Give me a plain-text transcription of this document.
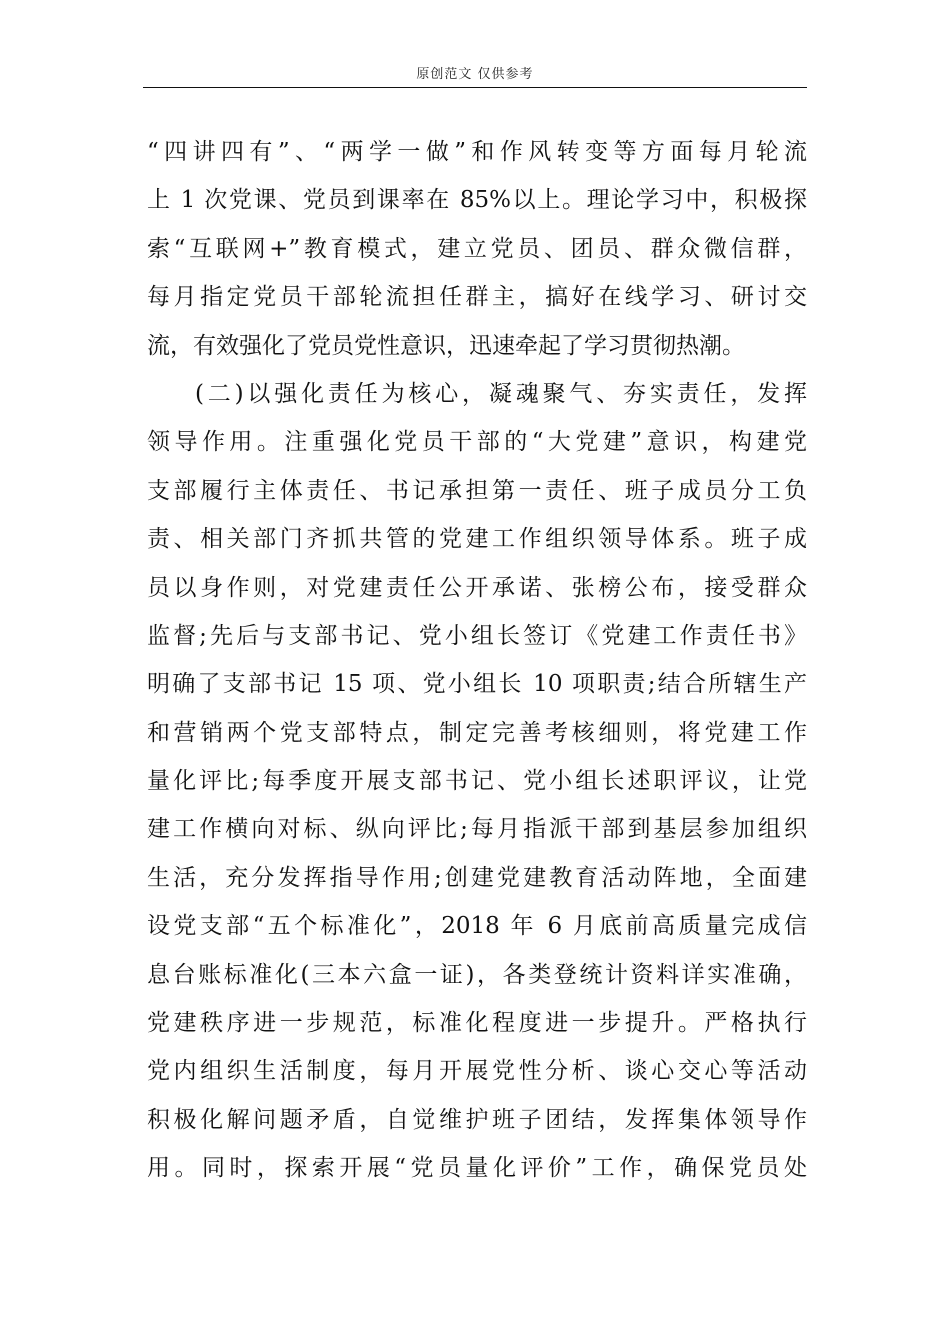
原创范文 仅供参考
“四讲四有”、“两学一做”和作风转变等方面每月轮流
上 1 次党课、党员到课率在 85%以上。理论学习中，积极探
索“互联网+”教育模式，建立党员、团员、群众微信群，
每月指定党员干部轮流担任群主，搞好在线学习、研讨交
流，有效强化了党员党性意识，迅速牵起了学习贯彻热潮。
(二)以强化责任为核心，凝魂聚气、夯实责任，发挥
领导作用。注重强化党员干部的“大党建”意识，构建党
支部履行主体责任、书记承担第一责任、班子成员分工负
责、相关部门齐抓共管的党建工作组织领导体系。班子成
员以身作则，对党建责任公开承诺、张榜公布，接受群众
监督;先后与支部书记、党小组长签订《党建工作责任书》
明确了支部书记 15 项、党小组长 10 项职责;结合所辖生产
和营销两个党支部特点，制定完善考核细则，将党建工作
量化评比;每季度开展支部书记、党小组长述职评议，让党
建工作横向对标、纵向评比;每月指派干部到基层参加组织
生活，充分发挥指导作用;创建党建教育活动阵地，全面建
设党支部“五个标准化”，2018 年 6 月底前高质量完成信
息台账标准化(三本六盒一证)，各类登统计资料详实准确，
党建秩序进一步规范，标准化程度进一步提升。严格执行
党内组织生活制度，每月开展党性分析、谈心交心等活动
积极化解问题矛盾，自觉维护班子团结，发挥集体领导作
用。同时，探索开展“党员量化评价”工作，确保党员处
